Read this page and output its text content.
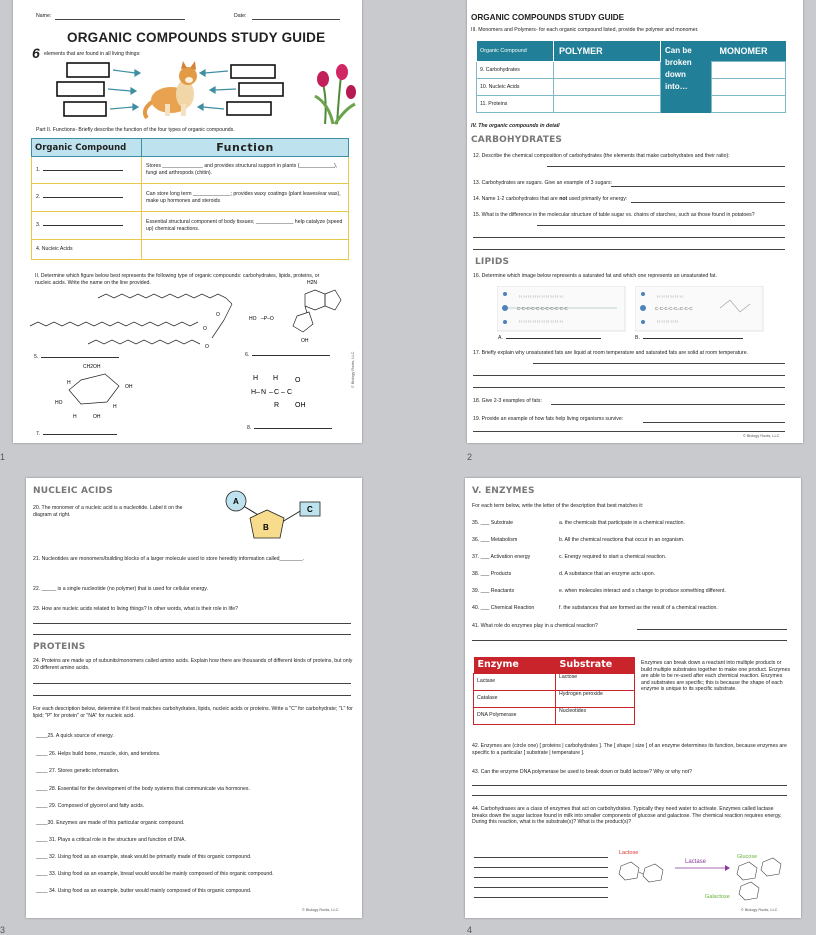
Name:	Date:
ORGANIC COMPOUNDS STUDY GUIDE
6 elements that are found in all living things:
Part II. Functions- Briefly describe the function of the four types of organic compounds.
Organic Compound	Function
1.	Stores ______________ and provides structural support in plants (____________), fungi and arthropods (chitin).
2.	Can store long term _____________; provides waxy coatings (plant leaves/ear wax), make up hormones and steroids
3.	Essential structural component of body tissues; _____________ help catalyze (speed up) chemical reactions.
4. Nucleic Acids	
II. Determine which figure below best represents the following type of organic compounds: carbohydrates, lipids, proteins, or nucleic acids. Write the name on the line provided.
O
O
O
H2N
HO –P–O
OH
5.	6.
CH2OH
H
HO
OH
H
H	OH
H H
H– N – C – C
R
O
OH
7.
8.
© Biology Roots, LLC
1
ORGANIC COMPOUNDS STUDY GUIDE
III. Monomers and Polymers- for each organic compound listed, provide the polymer and monomer.
Organic Compound	POLYMER	Can be broken down into…	MONOMER
9. Carbohydrates			
10. Nucleic Acids			
11. Proteins			
IV. The organic compounds in detail
CARBOHYDRATES
12. Describe the chemical composition of carbohydrates (the elements that make carbohydrates and their ratio):
13. Carbohydrates are sugars. Give an example of 3 sugars:
14. Name 1-2 carbohydrates that are not used primarily for energy:
15. What is the difference in the molecular structure of table sugar vs. chains of starches, such as those found in potatoes?
LIPIDS
16. Determine which image below represents a saturated fat and which one represents an unsaturated fat.
H H H H H H H H H H
H H H H H H H H H H
C-C-C-C-C-C-C-C-C-C-C
H H H H H H
H H H H H
C-C-C-C-C=C-C-C
A.	B.
17. Briefly explain why unsaturated fats are liquid at room temperature and saturated fats are solid at room temperature.
18. Give 2-3 examples of fats:
19. Provide an example of how fats help living organisms survive:
© Biology Roots, LLC
2
NUCLEIC ACIDS
20. The monomer of a nucleic acid is a nucleotide. Label it on the diagram at right.
A
B
C
21. Nucleotides are monomers/building blocks of a larger molecule used to store heredity information called________.
22. _____ is a single nucleotide (no polymer) that is used for cellular energy.
23. How are nucleic acids related to living things? In other words, what is their role in life?
PROTEINS
24. Proteins are made up of subunits/monomers called amino acids. Explain how there are thousands of different kinds of proteins, but only 20 different amino acids.
For each description below, determine if it best matches carbohydrates, lipids, nucleic acids or proteins. Write a "C" for carbohydrate; "L" for lipid; "P" for protein" or "NA" for nucleic acid.
____25. A quick source of energy.
____ 26. Helps build bone, muscle, skin, and tendons.
____ 27. Stores genetic information.
____ 28. Essential for the development of the body systems that communicate via hormones.
____ 29. Composed of glycerol and fatty acids.
____30. Enzymes are made of this particular organic compound.
____ 31. Plays a critical role in the structure and function of DNA.
____ 32. Using food as an example, steak would be primarily made of this organic compound.
____ 33. Using food as an example, bread would would be mainly composed of this organic compound.
____ 34. Using food as an example, butter would mainly composed of this organic compound.
© Biology Roots, LLC
3
V. ENZYMES
For each term below, write the letter of the description that best matches it:
35. ___ Substrate	a. the chemicals that participate in a chemical reaction.
36. ___ Metabolism	b. All the chemical reactions that occur in an organism.
37. ___ Activation energy	c. Energy required to start a chemical reaction.
38. ___ Products	d. A substance that an enzyme acts upon.
39. ___ Reactants	e. when molecules interact and s change to produce something different.
40. ___ Chemical Reaction	f. the substances that are formed as the result of a chemical reaction.
41. What role do enzymes play in a chemical reaction?
Enzyme	Substrate
Lactase	Lactose
Catalase	Hydrogen peroxide
DNA Polymerase	Nucleotides
Enzymes can break down a reactant into multiple products or build multiple substrates together to make one product. Enzymes are able to be re-used after each chemical reaction. Enzymes and substrates are specific; this is because the shape of each enzyme is unique to its specific substrate.
42. Enzymes are (circle one) [ proteins | carbohydrates ]. The [ shape | size ] of an enzyme determines its function, because enzymes are specific to a particular [ substrate | temperature ].
43. Can the enzyme DNA polymerase be used to break down or build lactose? Why or why not?
44. Carbohydrases are a class of enzymes that act on carbohydrates. Typically they need water to activate. Enzymes called lactase breaks down the sugar lactose found in milk into smaller components of glucose and galactose. The chemical reaction requires energy. During this reaction, what is the substrate(s)? What is the product(s)?
Lactose
Lactase
Glucose
Galactose
© Biology Roots, LLC
4
